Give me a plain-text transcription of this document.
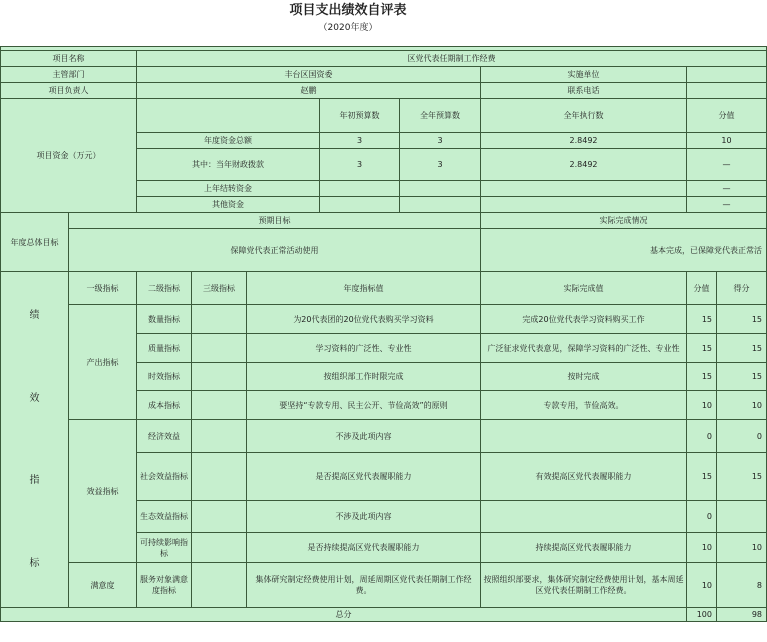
项目支出绩效自评表
（2020年度）

项目名称		区党代表任期制工作经费							
主管部门		丰台区国资委					实施单位		
项目负责人		赵鹏					联系电话		
项目资金（万元）					年初预算数	全年预算数	全年执行数	分值	
		年度资金总额			3	3	2.8492	10	
		其中：当年财政拨款			3	3	2.8492	—	
		上年结转资金						—	
		其他资金						—	
年度总体目标	预期目标						实际完成情况		
	保障党代表正常活动使用						基本完成，已保障党代表正常活		

绩
效
指
标	一级指标	二级指标	三级指标	年度指标值			实际完成值	分值	得分
	产出指标	数量指标		为20代表团的20位党代表购买学习资料			完成20位党代表学习资料购买工作	15	15
		质量指标		学习资料的广泛性、专业性			广泛征求党代表意见，保障学习资料的广泛性、专业性	15	15
		时效指标		按组织部工作时限完成			按时完成	15	15
		成本指标		要坚持“专款专用、民主公开、节俭高效”的原则			专款专用，节俭高效。	10	10
	效益指标	经济效益		不涉及此项内容				0	0
		社会效益指标		是否提高区党代表履职能力			有效提高区党代表履职能力	15	15
		生态效益指标		不涉及此项内容				0	
		可持续影响指标		是否持续提高区党代表履职能力			持续提高区党代表履职能力	10	10
	满意度	服务对象满意度指标		集体研究制定经费使用计划，周延周期区党代表任期制工作经费。			按照组织部要求，集体研究制定经费使用计划，基本周延区党代表任期制工作经费。	10	8
总分								100	98
